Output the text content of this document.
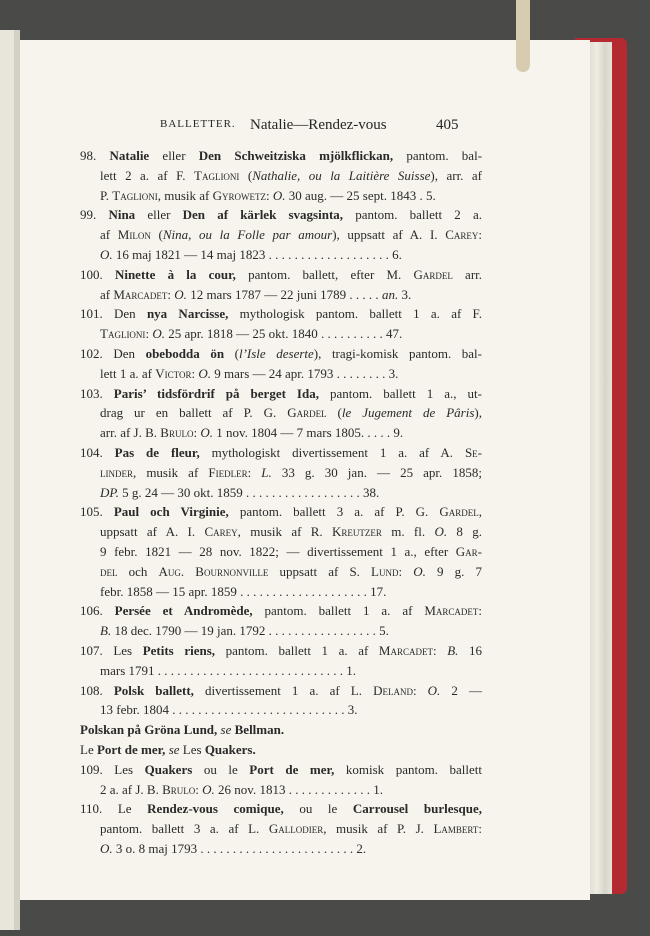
BALLETTER. Natalie—Rendez-vous	405
98. Natalie eller Den Schweitziska mjölkflickan, pantom. bal-
lett 2 a. af F. Taglioni (Nathalie, ou la Laitière Suisse), arr. af
P. Taglioni, musik af Gyrowetz: O. 30 aug. — 25 sept. 1843 . 5.
99. Nina eller Den af kärlek svagsinta, pantom. ballett 2 a.
af Milon (Nina, ou la Folle par amour), uppsatt af A. I. Carey:
O. 16 maj 1821 — 14 maj 1823 . . . . . . . . . . . . . . . . . . . 6.
100. Ninette à la cour, pantom. ballett, efter M. Gardel arr.
af Marcadet: O. 12 mars 1787 — 22 juni 1789 . . . . . an. 3.
101. Den nya Narcisse, mythologisk pantom. ballett 1 a. af F.
Taglioni: O. 25 apr. 1818 — 25 okt. 1840 . . . . . . . . . . 47.
102. Den obebodda ön (l’Isle deserte), tragi-komisk pantom. bal-
lett 1 a. af Victor: O. 9 mars — 24 apr. 1793 . . . . . . . . 3.
103. Paris’ tidsfördrif på berget Ida, pantom. ballett 1 a., ut-
drag ur en ballett af P. G. Gardel (le Jugement de Pâris),
arr. af J. B. Brulo: O. 1 nov. 1804 — 7 mars 1805. . . . . 9.
104. Pas de fleur, mythologiskt divertissement 1 a. af A. Se-
linder, musik af Fiedler: L. 33 g. 30 jan. — 25 apr. 1858;
DP. 5 g. 24 — 30 okt. 1859 . . . . . . . . . . . . . . . . . . 38.
105. Paul och Virginie, pantom. ballett 3 a. af P. G. Gardel,
uppsatt af A. I. Carey, musik af R. Kreutzer m. fl. O. 8 g.
9 febr. 1821 — 28 nov. 1822; — divertissement 1 a., efter Gar-
del och Aug. Bournonville uppsatt af S. Lund: O. 9 g. 7
febr. 1858 — 15 apr. 1859 . . . . . . . . . . . . . . . . . . . . 17.
106. Persée et Andromède, pantom. ballett 1 a. af Marcadet:
B. 18 dec. 1790 — 19 jan. 1792 . . . . . . . . . . . . . . . . . 5.
107. Les Petits riens, pantom. ballett 1 a. af Marcadet: B. 16
mars 1791 . . . . . . . . . . . . . . . . . . . . . . . . . . . . . 1.
108. Polsk ballett, divertissement 1 a. af L. Deland: O. 2 —
13 febr. 1804 . . . . . . . . . . . . . . . . . . . . . . . . . . . 3.
Polskan på Gröna Lund, se Bellman.
Le Port de mer, se Les Quakers.
109. Les Quakers ou le Port de mer, komisk pantom. ballett
2 a. af J. B. Brulo: O. 26 nov. 1813 . . . . . . . . . . . . . 1.
110. Le Rendez-vous comique, ou le Carrousel burlesque,
pantom. ballett 3 a. af L. Gallodier, musik af P. J. Lambert:
O. 3 o. 8 maj 1793 . . . . . . . . . . . . . . . . . . . . . . . . 2.
